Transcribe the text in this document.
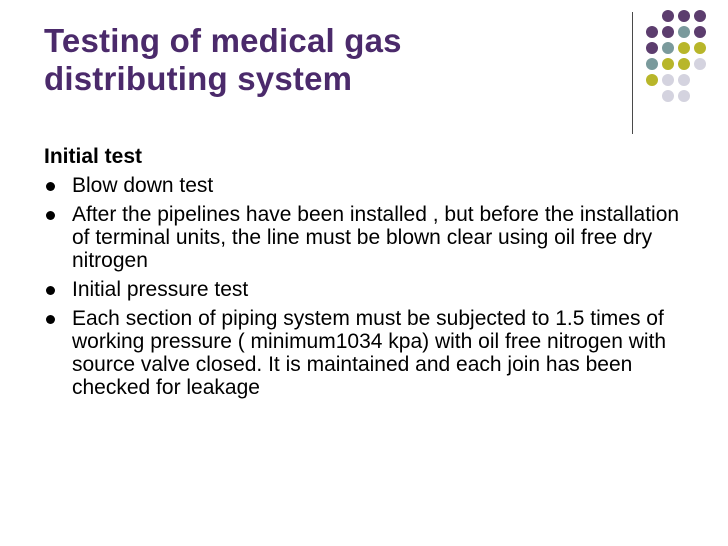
Testing of medical gas
distributing system
Initial test
Blow down test
After the pipelines have been installed , but before the installation of terminal units, the line must be blown clear using oil free dry nitrogen
Initial pressure test
Each section of piping system must be subjected to 1.5 times of working pressure ( minimum1034 kpa) with oil free nitrogen with source valve closed. It is maintained and each join has been checked for leakage
